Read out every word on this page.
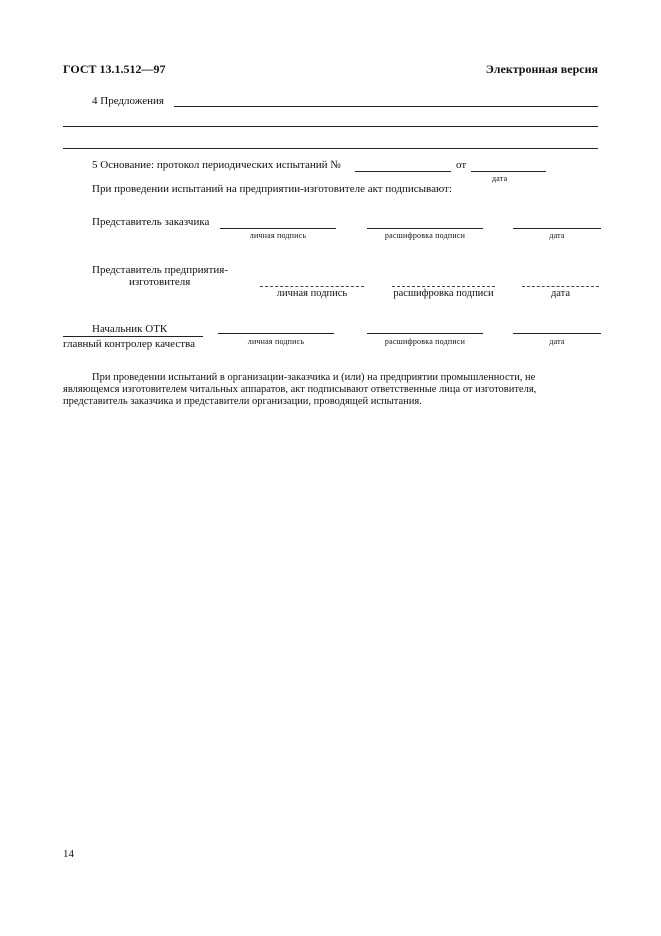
ГОСТ 13.1.512—97	Электронная версия
4 Предложения
5 Основание: протокол периодических испытаний №	от
дата
При проведении испытаний на предприятии-изготовителе акт подписывают:
Представитель заказчика
личная подпись	расшифровка подписи	дата
Представитель предприятия-
изготовителя
личная подпись	расшифровка подписи	дата
Начальник ОТК
главный контролер качества	личная подпись	расшифровка подписи	дата
При проведении испытаний в организации-заказчика и (или) на предприятии промышленности, не
являющемся изготовителем читальных аппаратов, акт подписывают ответственные лица от изготовителя,
представитель заказчика и представители организации, проводящей испытания.
14
